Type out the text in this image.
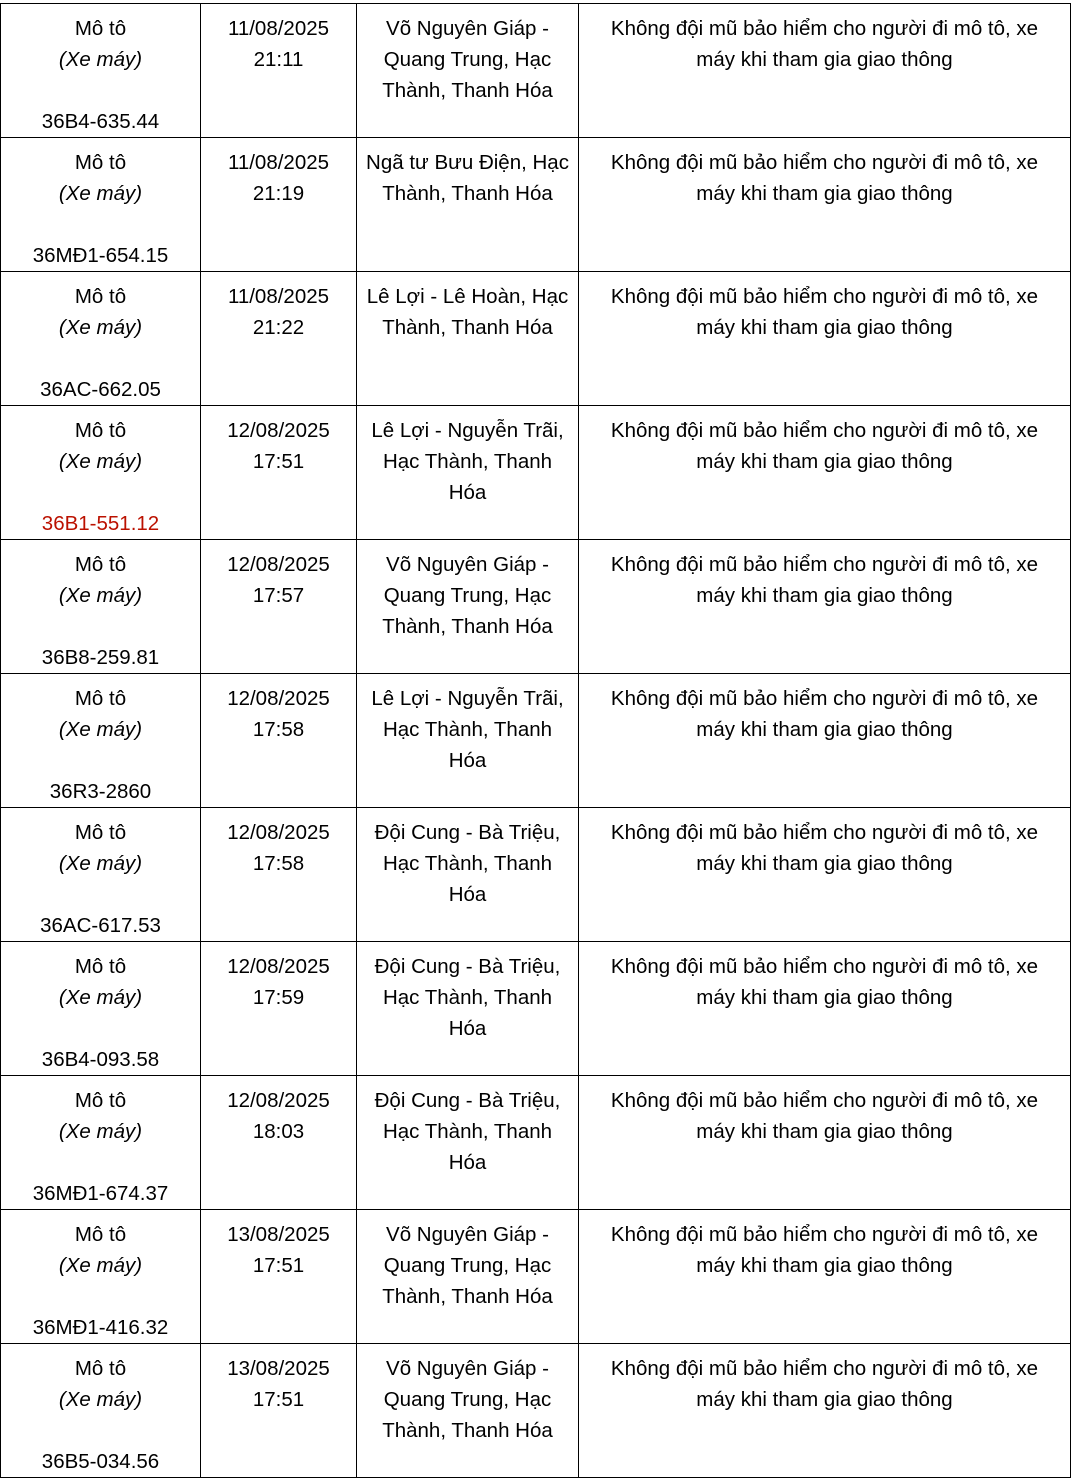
Mô tô
(Xe máy)
36B4-635.44	11/08/2025
21:11	Võ Nguyên Giáp - Quang Trung, Hạc Thành, Thanh Hóa	Không đội mũ bảo hiểm cho người đi mô tô, xe máy khi tham gia giao thông

Mô tô
(Xe máy)
36MĐ1-654.15	11/08/2025
21:19	Ngã tư Bưu Điện, Hạc Thành, Thanh Hóa	Không đội mũ bảo hiểm cho người đi mô tô, xe máy khi tham gia giao thông

Mô tô
(Xe máy)
36AC-662.05	11/08/2025
21:22	Lê Lợi - Lê Hoàn, Hạc Thành, Thanh Hóa	Không đội mũ bảo hiểm cho người đi mô tô, xe máy khi tham gia giao thông

Mô tô
(Xe máy)
36B1-551.12	12/08/2025
17:51	Lê Lợi - Nguyễn Trãi, Hạc Thành, Thanh Hóa	Không đội mũ bảo hiểm cho người đi mô tô, xe máy khi tham gia giao thông

Mô tô
(Xe máy)
36B8-259.81	12/08/2025
17:57	Võ Nguyên Giáp - Quang Trung, Hạc Thành, Thanh Hóa	Không đội mũ bảo hiểm cho người đi mô tô, xe máy khi tham gia giao thông

Mô tô
(Xe máy)
36R3-2860	12/08/2025
17:58	Lê Lợi - Nguyễn Trãi, Hạc Thành, Thanh Hóa	Không đội mũ bảo hiểm cho người đi mô tô, xe máy khi tham gia giao thông

Mô tô
(Xe máy)
36AC-617.53	12/08/2025
17:58	Đội Cung - Bà Triệu, Hạc Thành, Thanh Hóa	Không đội mũ bảo hiểm cho người đi mô tô, xe máy khi tham gia giao thông

Mô tô
(Xe máy)
36B4-093.58	12/08/2025
17:59	Đội Cung - Bà Triệu, Hạc Thành, Thanh Hóa	Không đội mũ bảo hiểm cho người đi mô tô, xe máy khi tham gia giao thông

Mô tô
(Xe máy)
36MĐ1-674.37	12/08/2025
18:03	Đội Cung - Bà Triệu, Hạc Thành, Thanh Hóa	Không đội mũ bảo hiểm cho người đi mô tô, xe máy khi tham gia giao thông

Mô tô
(Xe máy)
36MĐ1-416.32	13/08/2025
17:51	Võ Nguyên Giáp - Quang Trung, Hạc Thành, Thanh Hóa	Không đội mũ bảo hiểm cho người đi mô tô, xe máy khi tham gia giao thông

Mô tô
(Xe máy)
36B5-034.56	13/08/2025
17:51	Võ Nguyên Giáp - Quang Trung, Hạc Thành, Thanh Hóa	Không đội mũ bảo hiểm cho người đi mô tô, xe máy khi tham gia giao thông
